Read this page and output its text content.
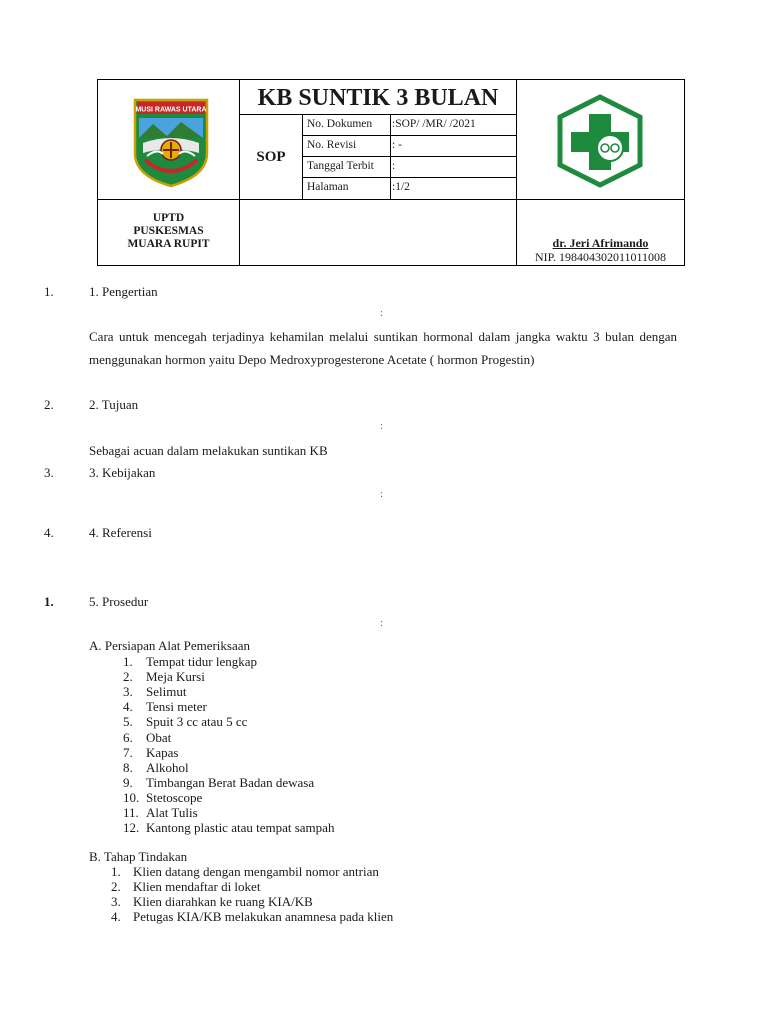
MUSI RAWAS UTARA	KB SUNTIK 3 BULAN
SOP
No. Dokumen :SOP/ /MR/ /2021
No. Revisi	: -
Tanggal Terbit :
Halaman	:1/2
UPTD
PUSKESMAS
MUARA RUPIT	dr. Jeri Afrimando
NIP. 198404302011011008
1.	1. Pengertian
:
Cara untuk mencegah terjadinya kehamilan melalui suntikan hormonal dalam jangka waktu 3 bulan dengan menggunakan hormon yaitu Depo Medroxyprogesterone Acetate ( hormon Progestin)
2.	2. Tujuan
:
Sebagai acuan dalam melakukan suntikan KB
3.	3. Kebijakan
:
4.	4. Referensi
1.	5. Prosedur
:
A. Persiapan Alat Pemeriksaan
1. Tempat tidur lengkap
2. Meja Kursi
3. Selimut
4. Tensi meter
5. Spuit 3 cc atau 5 cc
6. Obat
7. Kapas
8. Alkohol
9. Timbangan Berat Badan dewasa
10. Stetoscope
11. Alat Tulis
12. Kantong plastic atau tempat sampah
B. Tahap Tindakan
1. Klien datang dengan mengambil nomor antrian
2. Klien mendaftar di loket
3. Klien diarahkan ke ruang KIA/KB
4. Petugas KIA/KB melakukan anamnesa pada klien
